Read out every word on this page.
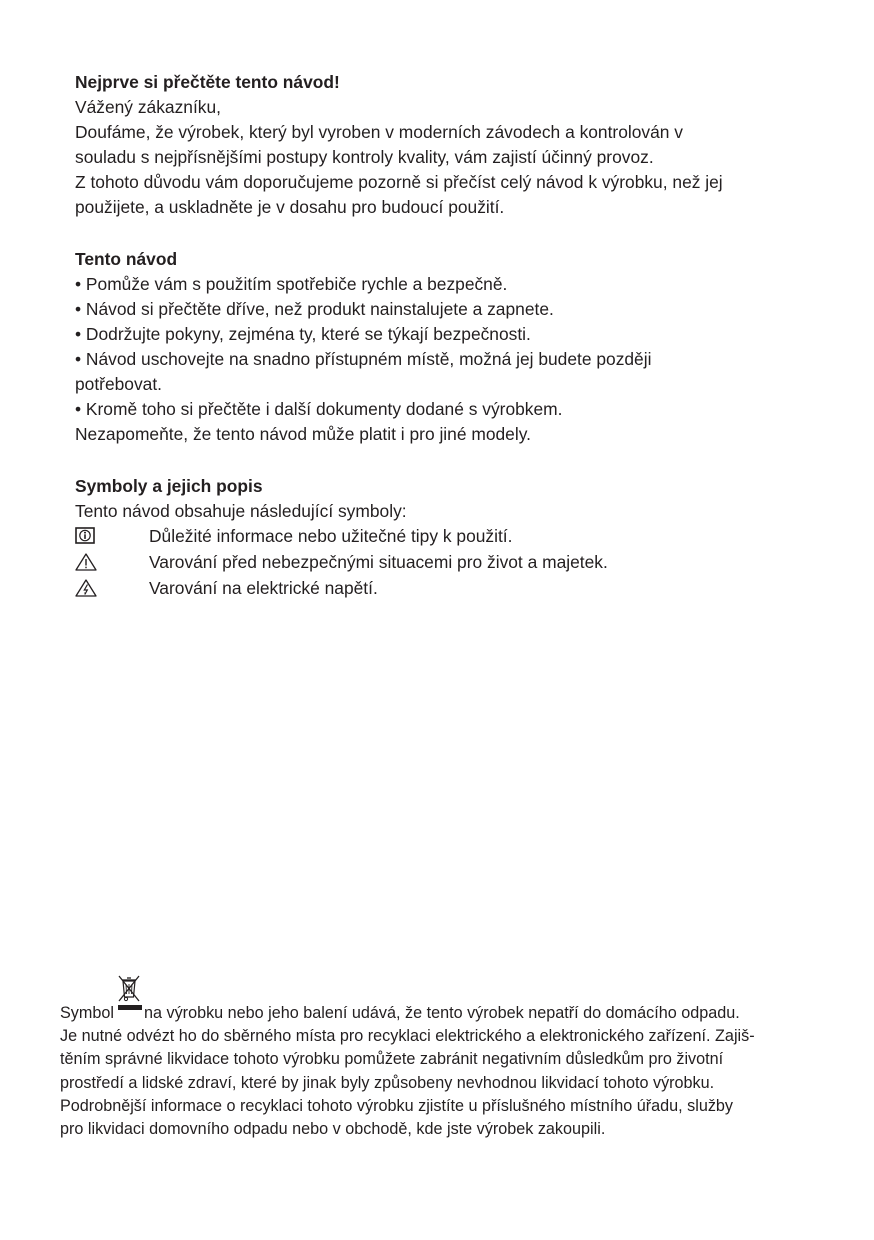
Nejprve si přečtěte tento návod!

Vážený zákazníku,

Doufáme, že výrobek, který byl vyroben v moderních závodech a kontrolován v

souladu s nejpřísnějšími postupy kontroly kvality, vám zajistí účinný provoz.

Z tohoto důvodu vám doporučujeme pozorně si přečíst celý návod k výrobku, než jej

použijete, a uskladněte je v dosahu pro budoucí použití.

Tento návod

• Pomůže vám s použitím spotřebiče rychle a bezpečně.

• Návod si přečtěte dříve, než produkt nainstalujete a zapnete.

• Dodržujte pokyny, zejména ty, které se týkají bezpečnosti.

• Návod uschovejte na snadno přístupném místě, možná jej budete později

potřebovat.

• Kromě toho si přečtěte i další dokumenty dodané s výrobkem.

Nezapomeňte, že tento návod může platit i pro jiné modely.

Symboly a jejich popis

Tento návod obsahuje následující symboly:

Důležité informace nebo užitečné tipy k použití.
Varování před nebezpečnými situacemi pro život a majetek.
Varování na elektrické napětí.

Symbol na výrobku nebo jeho balení udává, že tento výrobek nepatří do domácího odpadu.

Je nutné odvézt ho do sběrného místa pro recyklaci elektrického a elektronického zařízení. Zajiš-

těním správné likvidace tohoto výrobku pomůžete zabránit negativním důsledkům pro životní

prostředí a lidské zdraví, které by jinak byly způsobeny nevhodnou likvidací tohoto výrobku.

Podrobnější informace o recyklaci tohoto výrobku zjistíte u příslušného místního úřadu, služby

pro likvidaci domovního odpadu nebo v obchodě, kde jste výrobek zakoupili.
